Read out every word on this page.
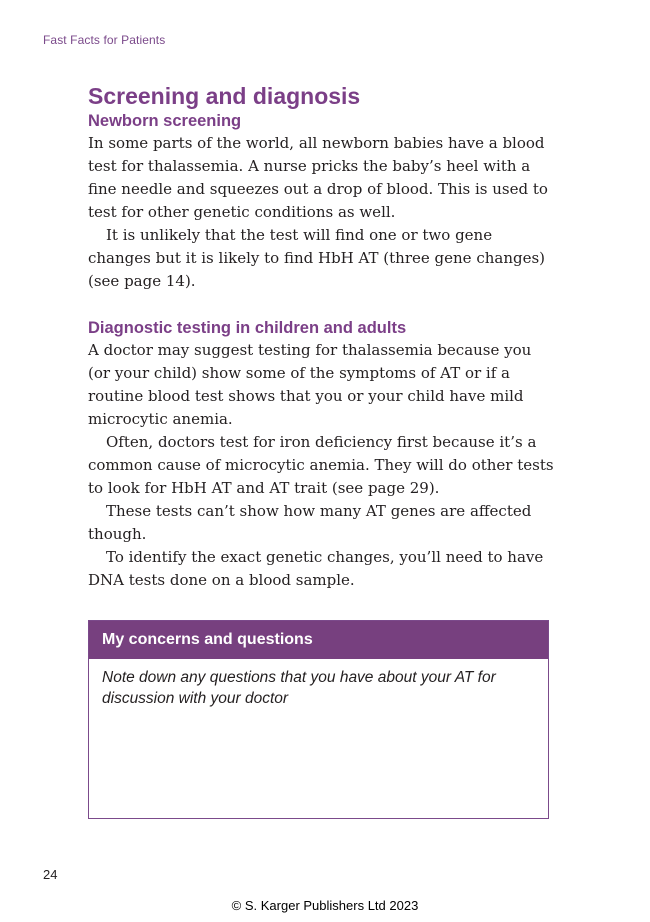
Fast Facts for Patients
Screening and diagnosis
Newborn screening

In some parts of the world, all newborn babies have a blood test for thalassemia. A nurse pricks the baby’s heel with a fine needle and squeezes out a drop of blood. This is used to test for other genetic conditions as well.

It is unlikely that the test will find one or two gene changes but it is likely to find HbH AT (three gene changes) (see page 14).

Diagnostic testing in children and adults

A doctor may suggest testing for thalassemia because you (or your child) show some of the symptoms of AT or if a routine blood test shows that you or your child have mild microcytic anemia.

Often, doctors test for iron deficiency first because it’s a common cause of microcytic anemia. They will do other tests to look for HbH AT and AT trait (see page 29).

These tests can’t show how many AT genes are affected though.

To identify the exact genetic changes, you’ll need to have DNA tests done on a blood sample.

My concerns and questions
Note down any questions that you have about your AT for discussion with your doctor
24
© S. Karger Publishers Ltd 2023
